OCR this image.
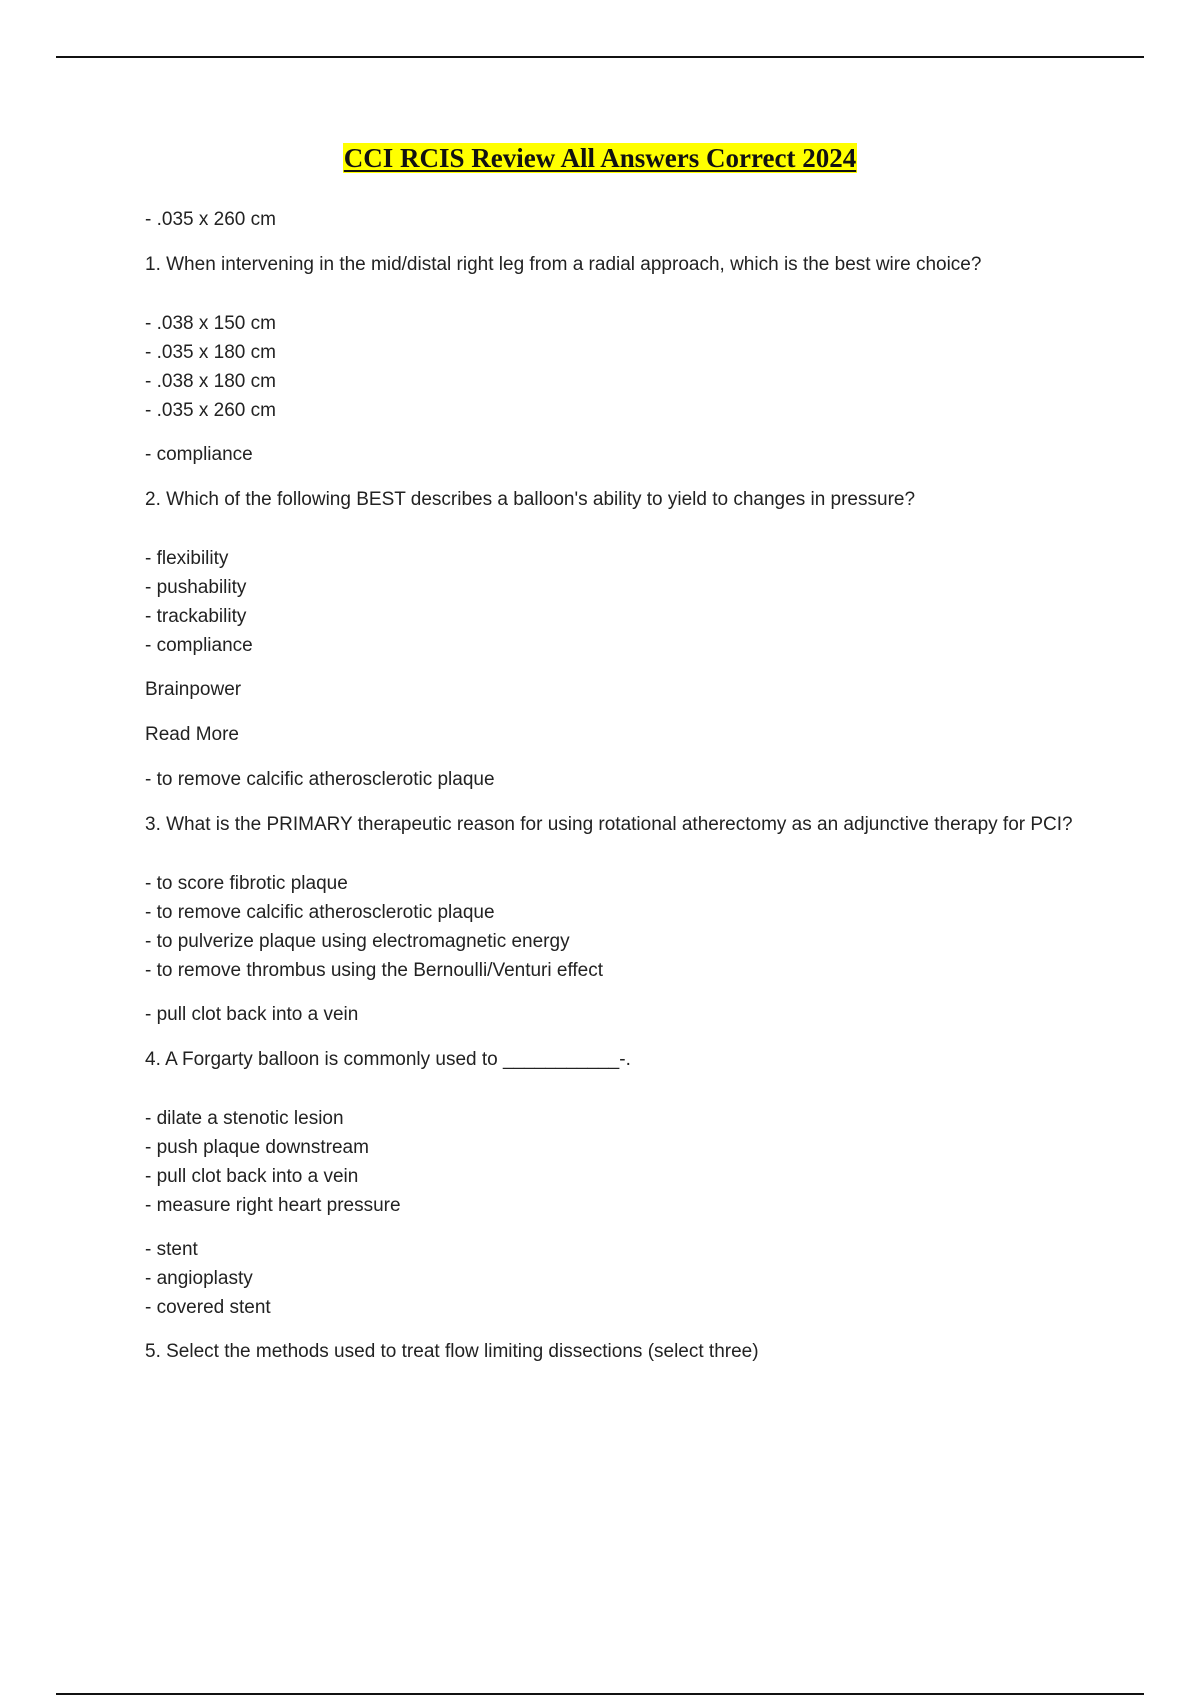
CCI RCIS Review All Answers Correct 2024

- .035 x 260 cm

1. When intervening in the mid/distal right leg from a radial approach, which is the best wire choice?

- .038 x 150 cm

- .035 x 180 cm

- .038 x 180 cm

- .035 x 260 cm

- compliance

2. Which of the following BEST describes a balloon's ability to yield to changes in pressure?

- flexibility

- pushability

- trackability

- compliance

Brainpower

Read More

- to remove calcific atherosclerotic plaque

3. What is the PRIMARY therapeutic reason for using rotational atherectomy as an adjunctive therapy for PCI?

- to score fibrotic plaque

- to remove calcific atherosclerotic plaque

- to pulverize plaque using electromagnetic energy

- to remove thrombus using the Bernoulli/Venturi effect

- pull clot back into a vein

4. A Forgarty balloon is commonly used to ___________-.

- dilate a stenotic lesion

- push plaque downstream

- pull clot back into a vein

- measure right heart pressure

- stent

- angioplasty

- covered stent

5. Select the methods used to treat flow limiting dissections (select three)
